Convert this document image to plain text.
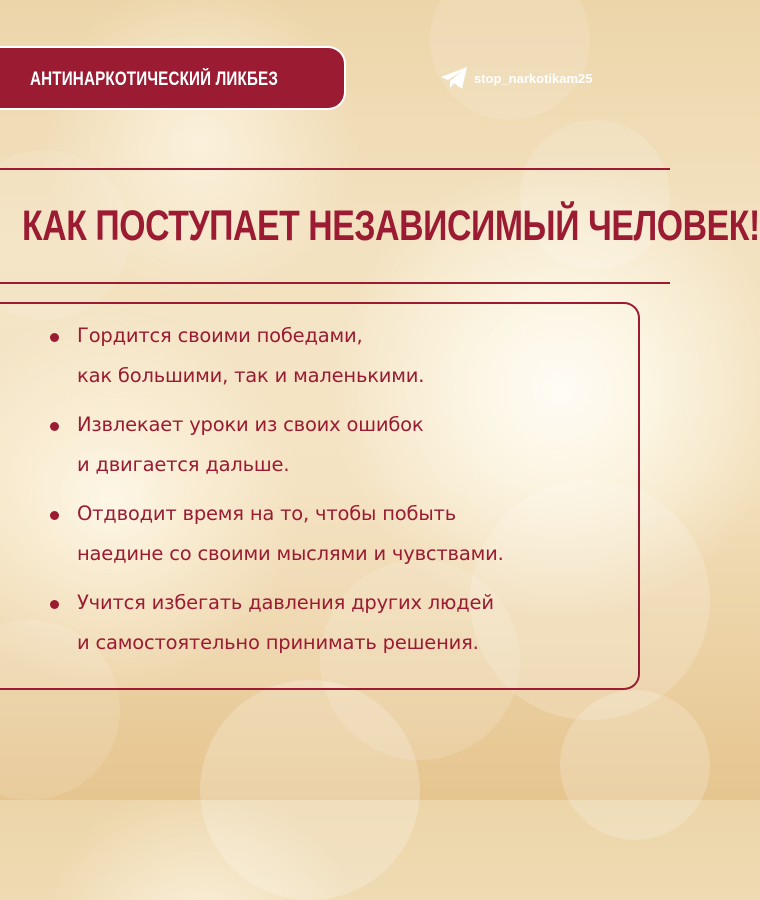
АНТИНАРКОТИЧЕСКИЙ ЛИКБЕЗ	stop_narkotikam25
КАК ПОСТУПАЕТ НЕЗАВИСИМЫЙ ЧЕЛОВЕК!
Гордится своими победами,
как большими, так и маленькими.
Извлекает уроки из своих ошибок
и двигается дальше.
Отдводит время на то, чтобы побыть
наедине со своими мыслями и чувствами.
Учится избегать давления других людей
и самостоятельно принимать решения.
